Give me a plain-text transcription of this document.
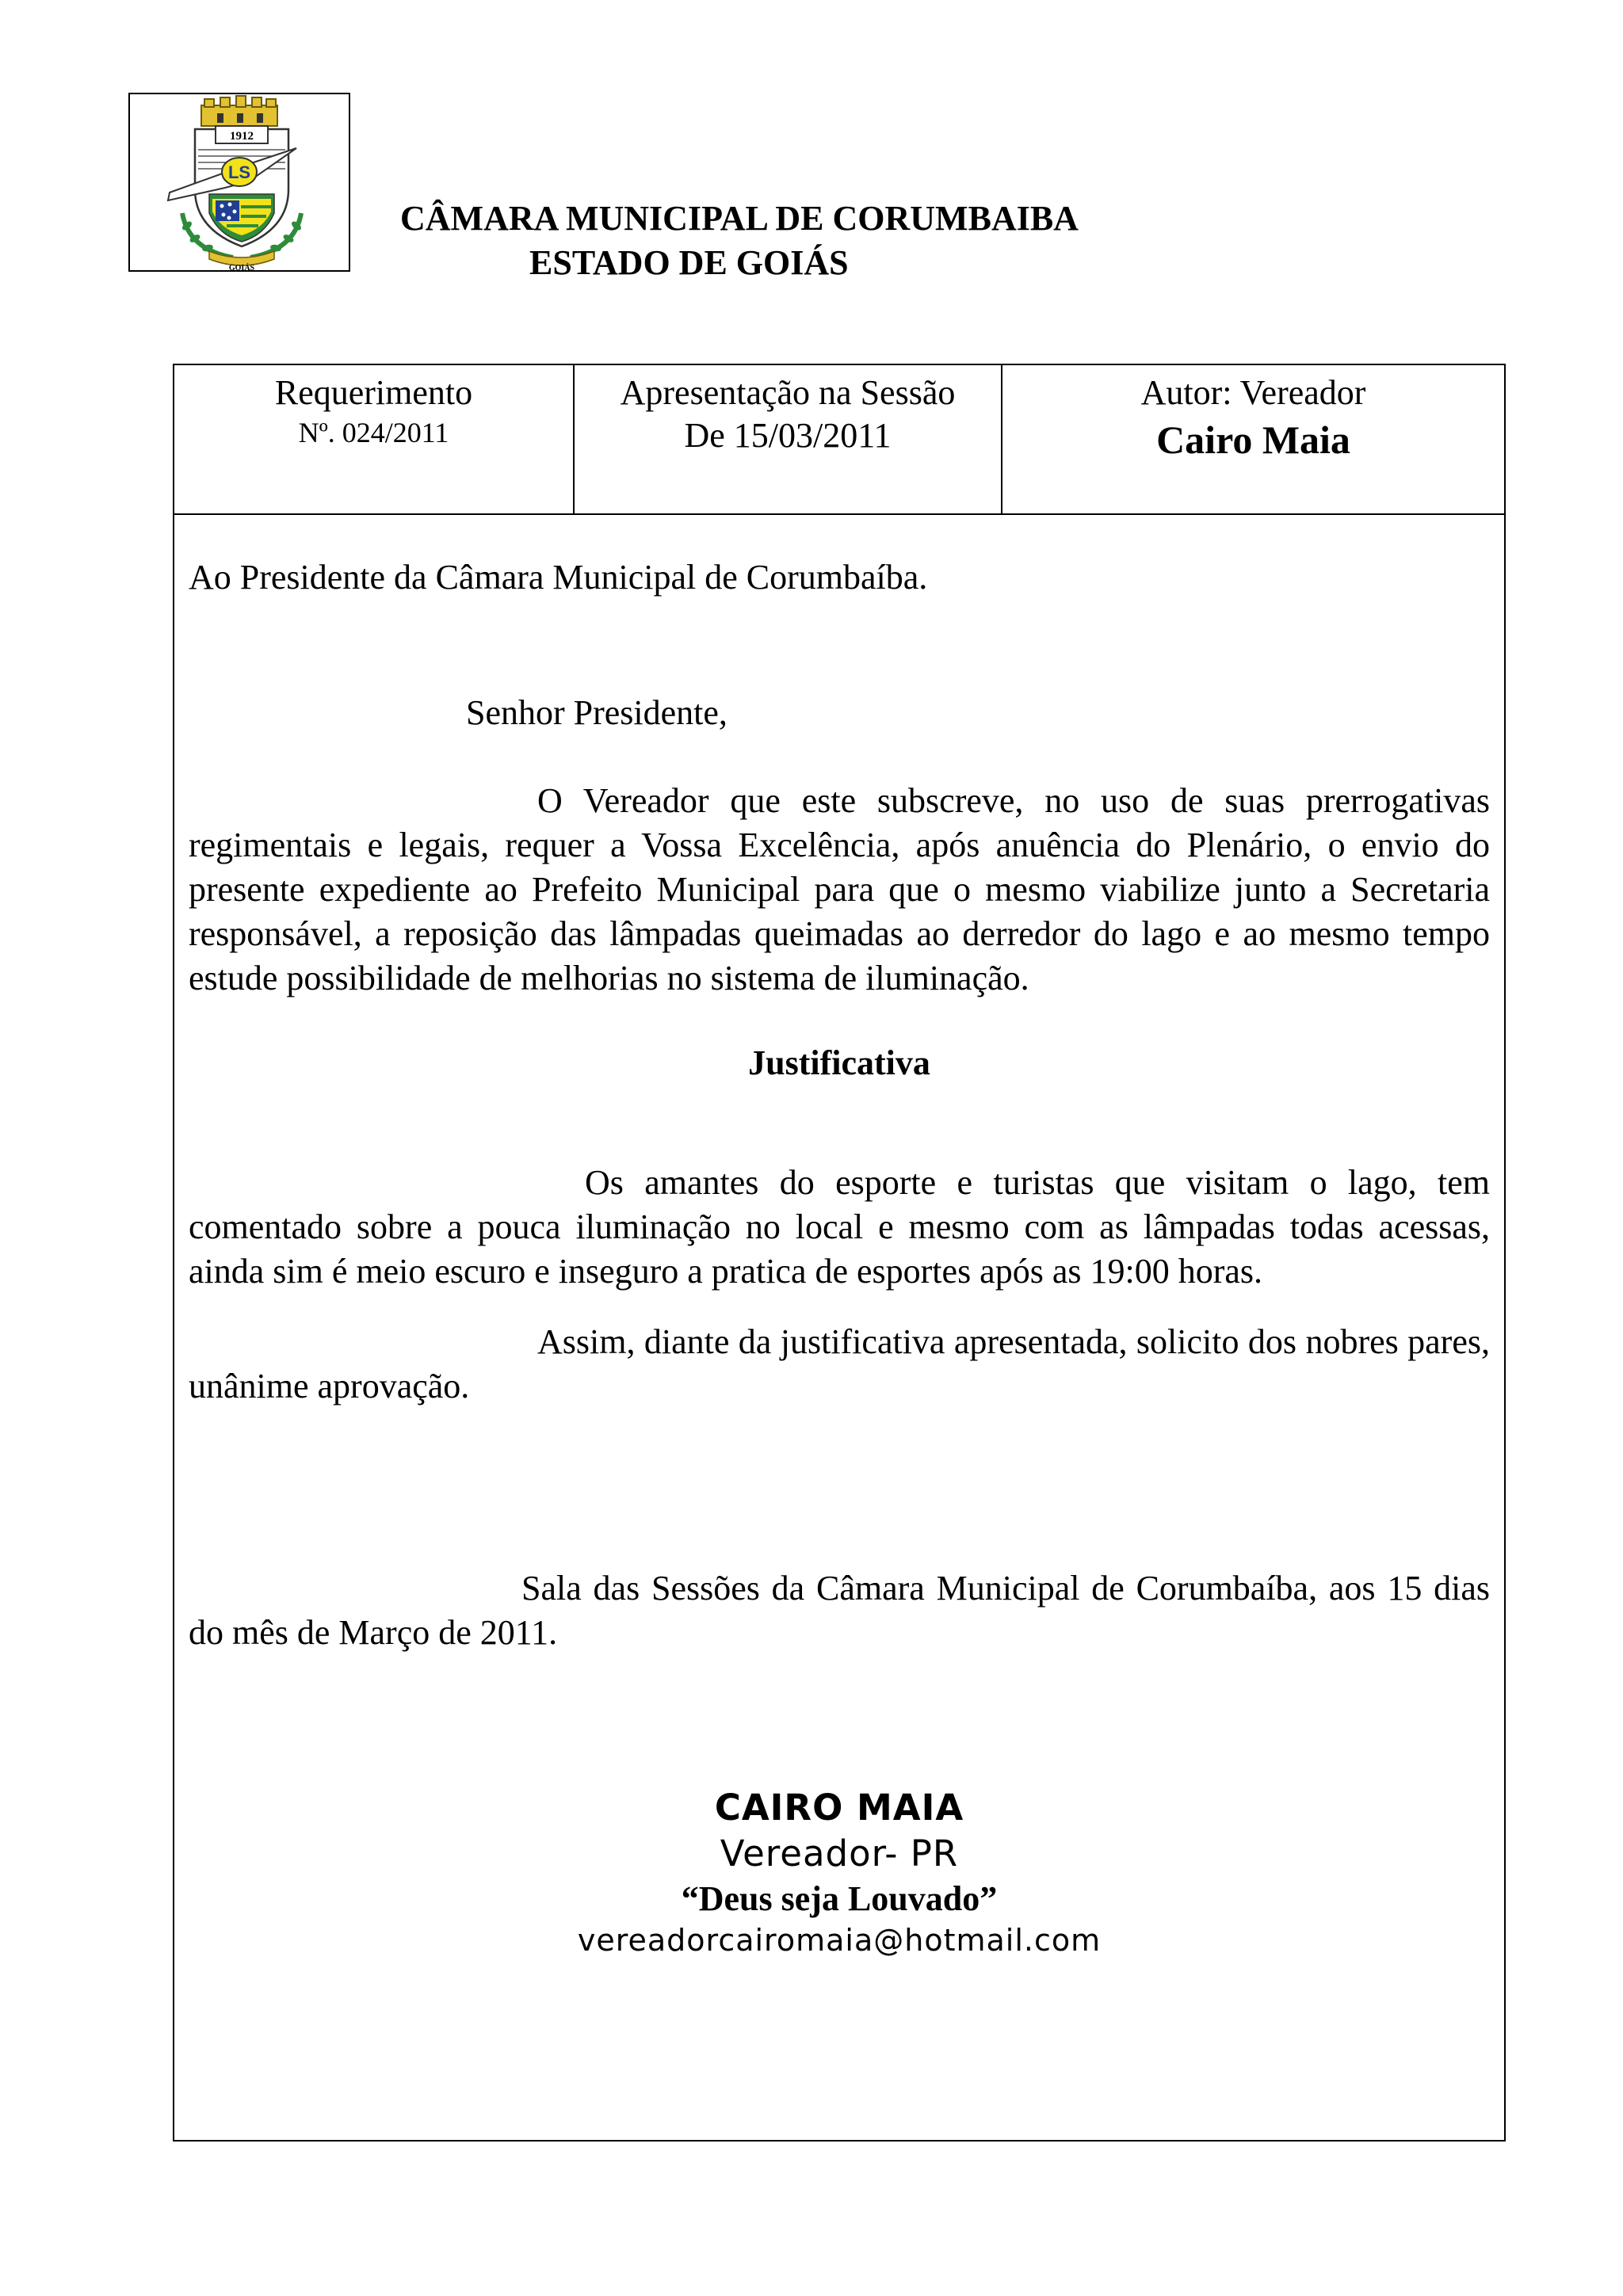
1912
LS
GOIÁS
CÂMARA MUNICIPAL DE CORUMBAIBA
ESTADO DE GOIÁS
Requerimento
Nº. 024/2011
Apresentação na Sessão
De 15/03/2011
Autor: Vereador
Cairo Maia
Ao Presidente da Câmara Municipal de Corumbaíba.
Senhor Presidente,
O Vereador que este subscreve, no uso de suas prerrogativas regimentais e legais, requer a Vossa Excelência, após anuência do Plenário, o envio do presente expediente ao Prefeito Municipal para que o mesmo viabilize junto a Secretaria responsável, a reposição das lâmpadas queimadas ao derredor do lago e ao mesmo tempo estude possibilidade de melhorias no sistema de iluminação.
Justificativa
Os amantes do esporte e turistas que visitam o lago, tem comentado sobre a pouca iluminação no local e mesmo com as lâmpadas todas acessas, ainda sim é meio escuro e inseguro a pratica de esportes após as 19:00 horas.
Assim, diante da justificativa apresentada, solicito dos nobres pares, unânime aprovação.
Sala das Sessões da Câmara Municipal de Corumbaíba, aos 15 dias do mês de Março de 2011.
CAIRO MAIA
Vereador- PR
“Deus seja Louvado”
vereadorcairomaia@hotmail.com
